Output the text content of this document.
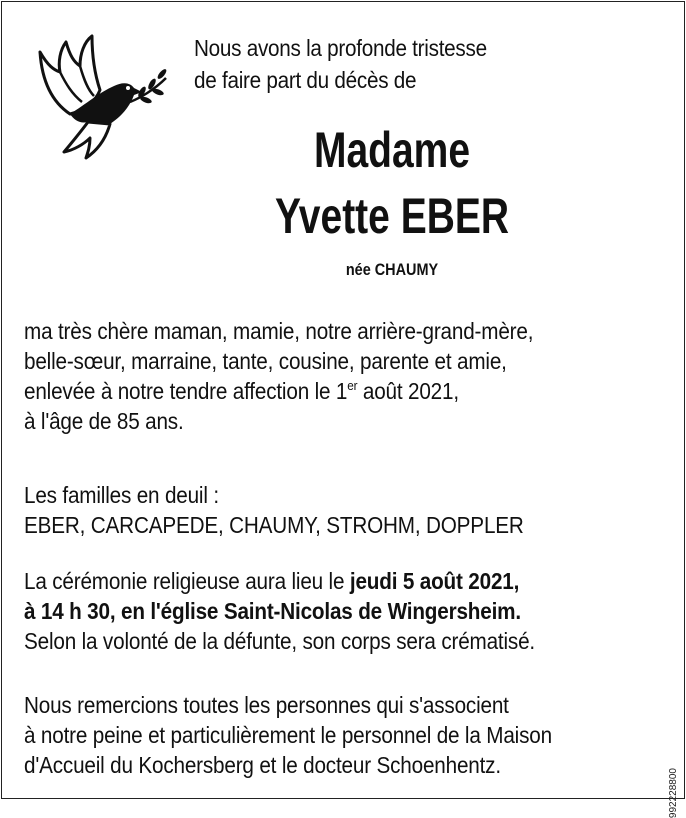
Nous avons la profonde tristesse
de faire part du décès de
Madame
Yvette EBER
née CHAUMY
ma très chère maman, mamie, notre arrière-grand-mère,
belle-sœur, marraine, tante, cousine, parente et amie,
enlevée à notre tendre affection le 1er août 2021,
à l'âge de 85 ans.
Les familles en deuil :
EBER, CARCAPEDE, CHAUMY, STROHM, DOPPLER
La cérémonie religieuse aura lieu le jeudi 5 août 2021,
à 14 h 30, en l'église Saint-Nicolas de Wingersheim.
Selon la volonté de la défunte, son corps sera crématisé.
Nous remercions toutes les personnes qui s'associent
à notre peine et particulièrement le personnel de la Maison
d'Accueil du Kochersberg et le docteur Schoenhentz.
992228800
